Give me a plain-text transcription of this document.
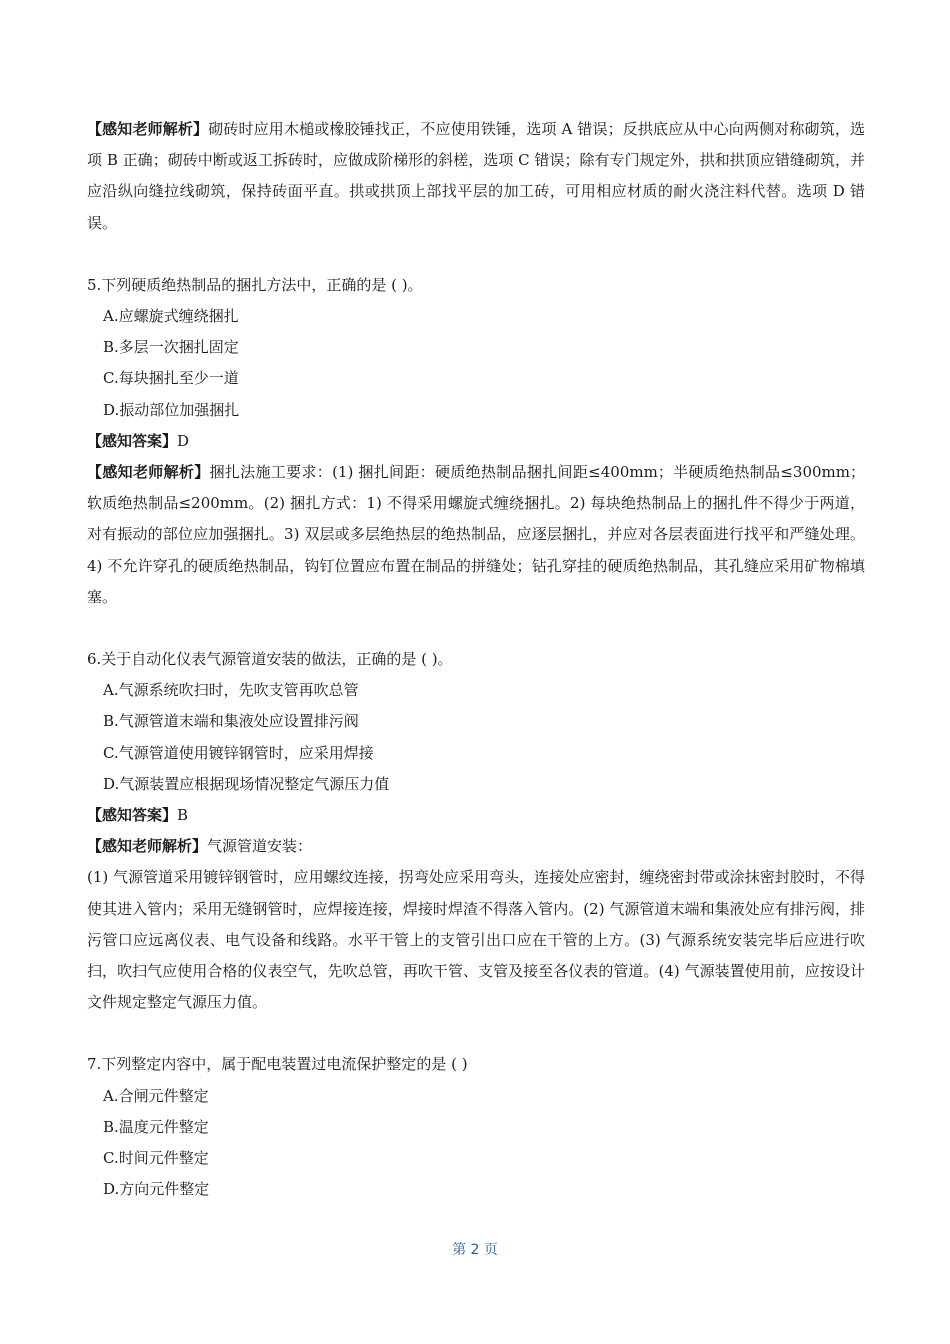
【感知老师解析】砌砖时应用木槌或橡胶锤找正，不应使用铁锤，选项 A 错误；反拱底应从中心向两侧对称砌筑，选项 B 正确；砌砖中断或返工拆砖时，应做成阶梯形的斜槎，选项 C 错误；除有专门规定外，拱和拱顶应错缝砌筑，并应沿纵向缝拉线砌筑，保持砖面平直。拱或拱顶上部找平层的加工砖，可用相应材质的耐火浇注料代替。选项 D 错误。

5.下列硬质绝热制品的捆扎方法中，正确的是 ( )。

A.应螺旋式缠绕捆扎

B.多层一次捆扎固定

C.每块捆扎至少一道

D.振动部位加强捆扎

【感知答案】D

【感知老师解析】捆扎法施工要求：(1) 捆扎间距：硬质绝热制品捆扎间距≤400mm；半硬质绝热制品≤300mm；软质绝热制品≤200mm。(2) 捆扎方式：1) 不得采用螺旋式缠绕捆扎。2) 每块绝热制品上的捆扎件不得少于两道，对有振动的部位应加强捆扎。3) 双层或多层绝热层的绝热制品，应逐层捆扎，并应对各层表面进行找平和严缝处理。4) 不允许穿孔的硬质绝热制品，钩钉位置应布置在制品的拼缝处；钻孔穿挂的硬质绝热制品，其孔缝应采用矿物棉填塞。

6.关于自动化仪表气源管道安装的做法，正确的是 ( )。

A.气源系统吹扫时，先吹支管再吹总管

B.气源管道末端和集液处应设置排污阀

C.气源管道使用镀锌钢管时，应采用焊接

D.气源装置应根据现场情况整定气源压力值

【感知答案】B

【感知老师解析】气源管道安装：

(1) 气源管道采用镀锌钢管时，应用螺纹连接，拐弯处应采用弯头，连接处应密封，缠绕密封带或涂抹密封胶时，不得使其进入管内；采用无缝钢管时，应焊接连接，焊接时焊渣不得落入管内。(2) 气源管道末端和集液处应有排污阀，排污管口应远离仪表、电气设备和线路。水平干管上的支管引出口应在干管的上方。(3) 气源系统安装完毕后应进行吹扫，吹扫气应使用合格的仪表空气，先吹总管，再吹干管、支管及接至各仪表的管道。(4) 气源装置使用前，应按设计文件规定整定气源压力值。

7.下列整定内容中，属于配电装置过电流保护整定的是 ( )

A.合闸元件整定

B.温度元件整定

C.时间元件整定

D.方向元件整定

第 2 页
